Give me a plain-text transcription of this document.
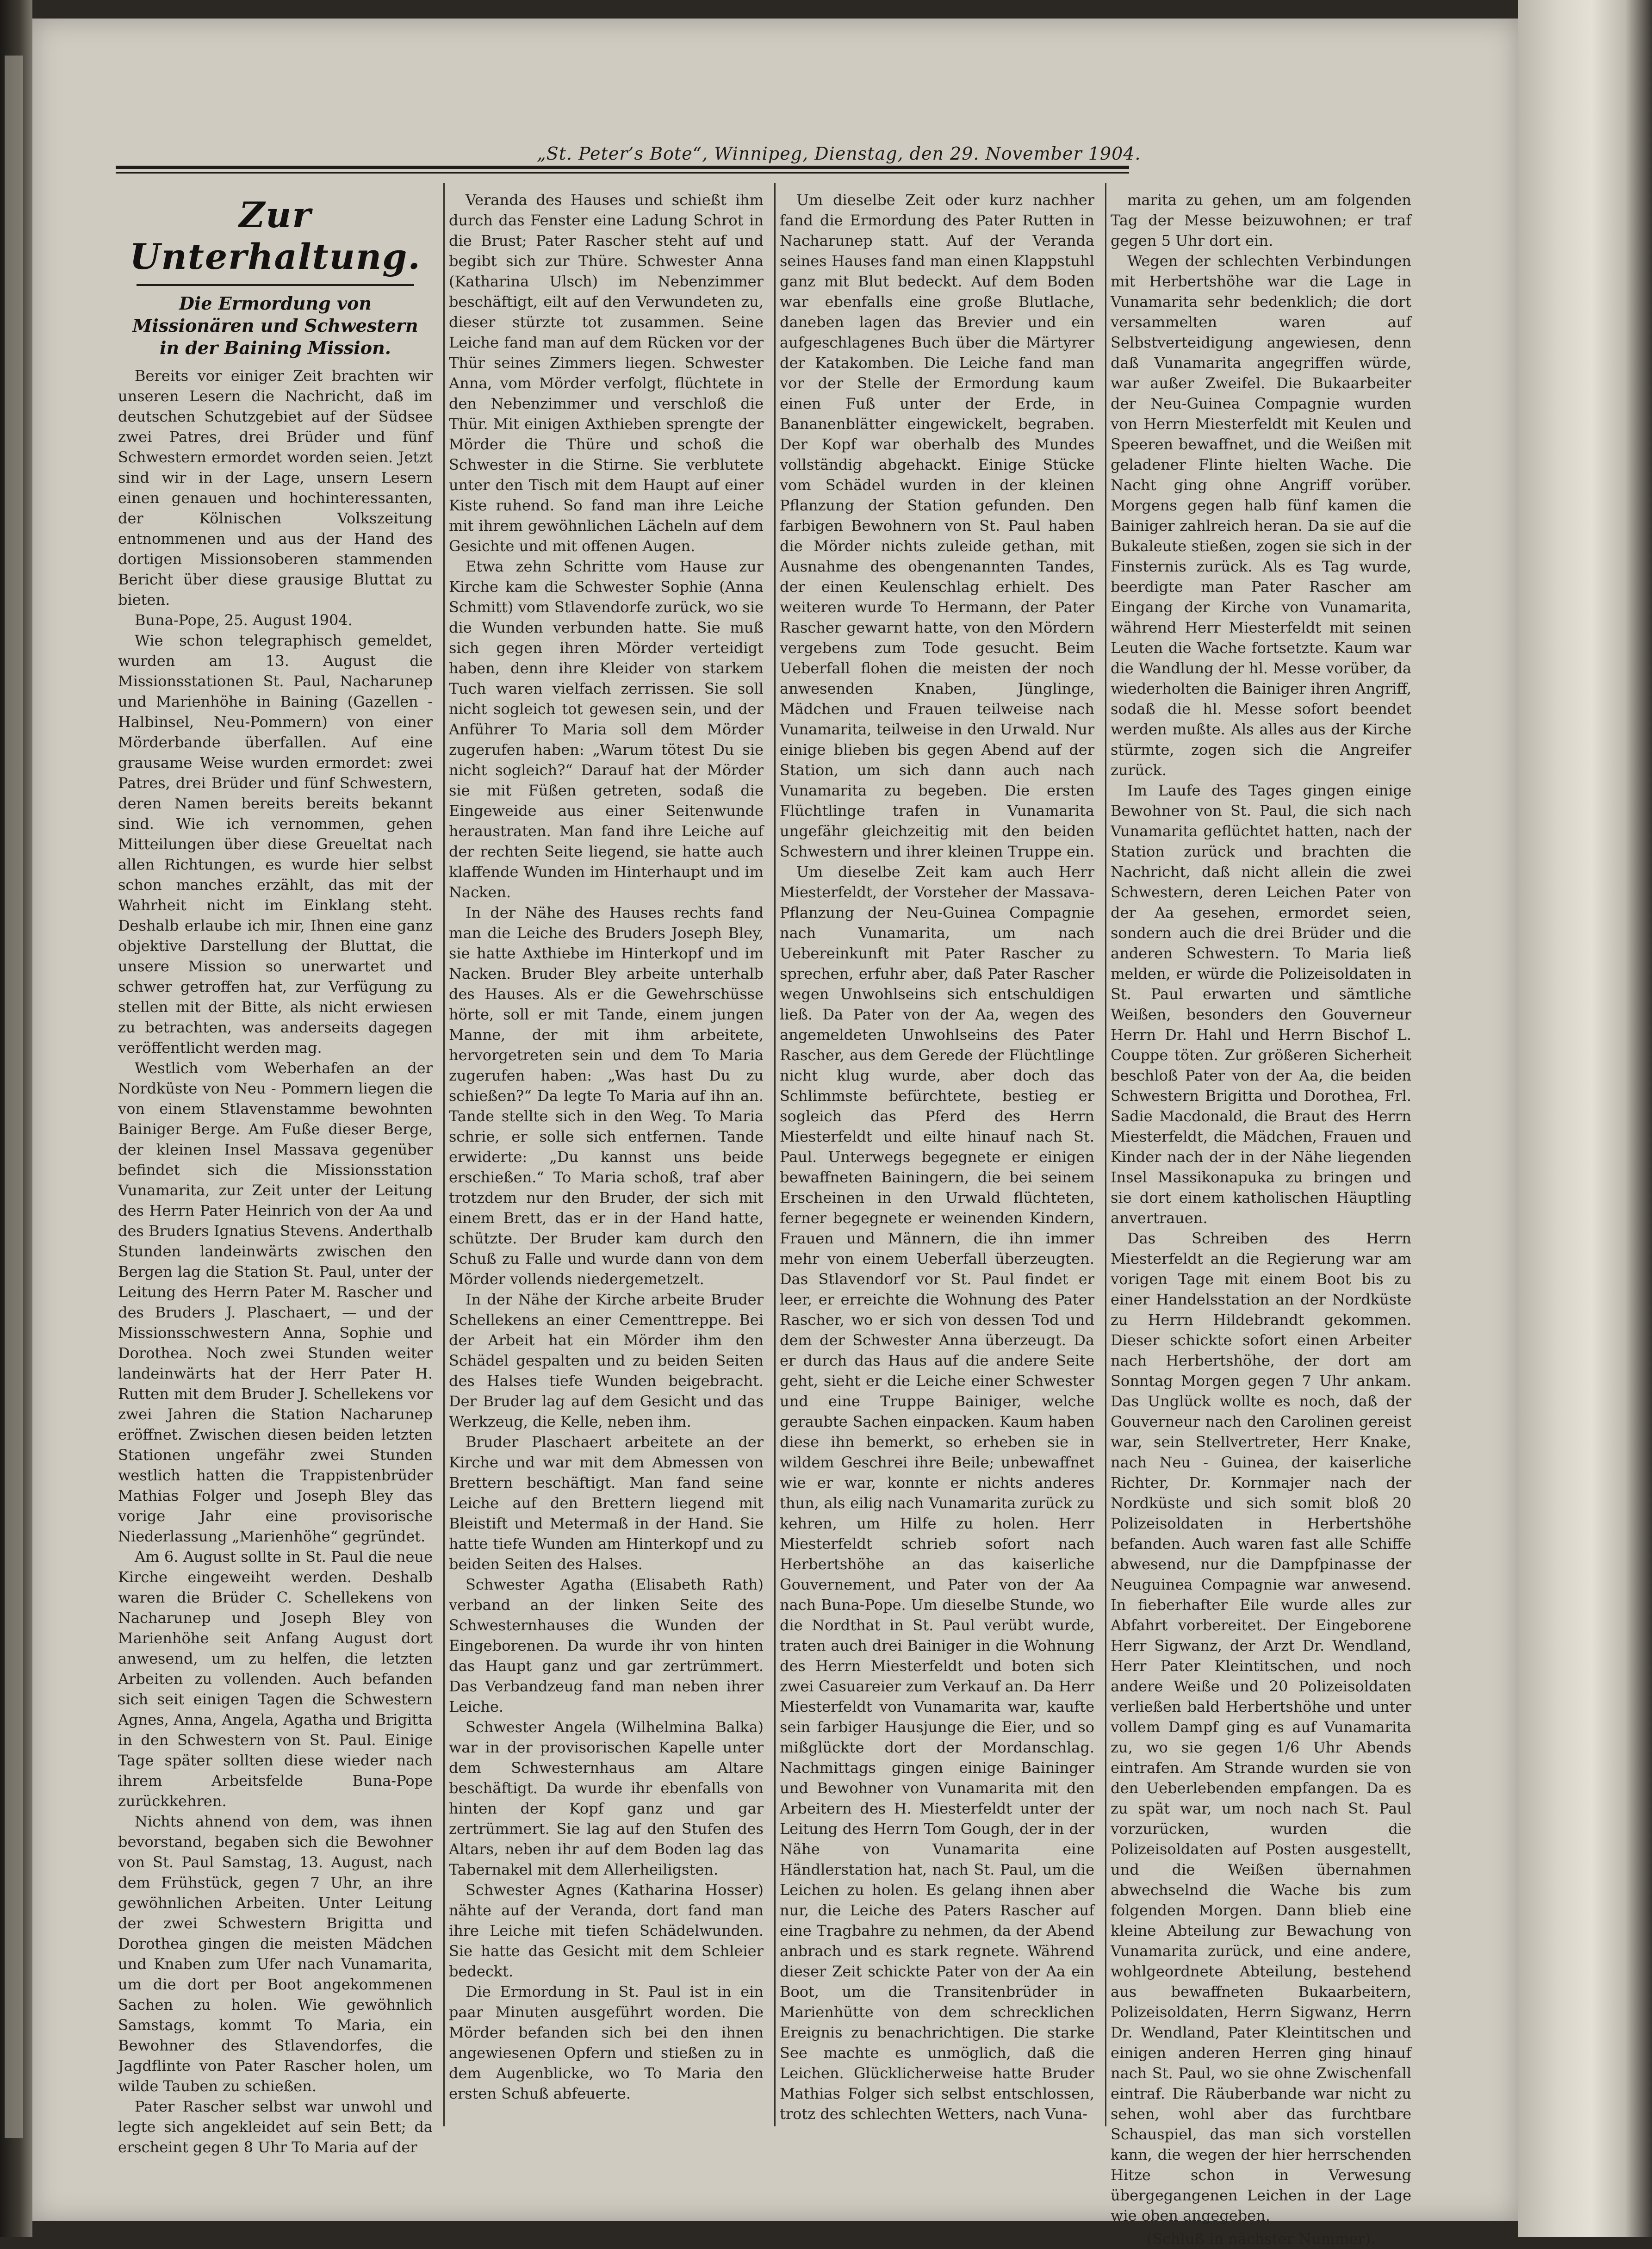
„St. Peter’s Bote“, Winnipeg, Dienstag, den 29. November 1904.
Zur Unterhaltung.
Die Ermordung von Missionären und Schwestern in der Baining Mission.

Bereits vor einiger Zeit brachten wir unseren Lesern die Nachricht, daß im deutschen Schutzgebiet auf der Südsee zwei Patres, drei Brüder und fünf Schwestern ermordet worden seien. Jetzt sind wir in der Lage, unsern Lesern einen genauen und hochinteressanten, der Kölnischen Volkszeitung entnommenen und aus der Hand des dortigen Missionsoberen stammenden Bericht über diese grausige Bluttat zu bieten.

Buna-Pope, 25. August 1904.

Wie schon telegraphisch gemeldet, wurden am 13. August die Missionsstationen St. Paul, Nacharunep und Marienhöhe in Baining (Gazellen - Halbinsel, Neu-Pommern) von einer Mörderbande überfallen. Auf eine grausame Weise wurden ermordet: zwei Patres, drei Brüder und fünf Schwestern, deren Namen bereits bereits bekannt sind. Wie ich vernommen, gehen Mitteilungen über diese Greueltat nach allen Richtungen, es wurde hier selbst schon manches erzählt, das mit der Wahrheit nicht im Einklang steht. Deshalb erlaube ich mir, Ihnen eine ganz objektive Darstellung der Bluttat, die unsere Mission so unerwartet und schwer getroffen hat, zur Verfügung zu stellen mit der Bitte, als nicht erwiesen zu betrachten, was anderseits dagegen veröffentlicht werden mag.

Westlich vom Weberhafen an der Nordküste von Neu - Pommern liegen die von einem Stlavenstamme bewohnten Bainiger Berge. Am Fuße dieser Berge, der kleinen Insel Massava gegenüber befindet sich die Missionsstation Vunamarita, zur Zeit unter der Leitung des Herrn Pater Heinrich von der Aa und des Bruders Ignatius Stevens. Anderthalb Stunden landeinwärts zwischen den Bergen lag die Station St. Paul, unter der Leitung des Herrn Pater M. Rascher und des Bruders J. Plaschaert, — und der Missionsschwestern Anna, Sophie und Dorothea. Noch zwei Stunden weiter landeinwärts hat der Herr Pater H. Rutten mit dem Bruder J. Schellekens vor zwei Jahren die Station Nacharunep eröffnet. Zwischen diesen beiden letzten Stationen ungefähr zwei Stunden westlich hatten die Trappistenbrüder Mathias Folger und Joseph Bley das vorige Jahr eine provisorische Niederlassung „Marienhöhe“ gegründet.

Am 6. August sollte in St. Paul die neue Kirche eingeweiht werden. Deshalb waren die Brüder C. Schellekens von Nacharunep und Joseph Bley von Marienhöhe seit Anfang August dort anwesend, um zu helfen, die letzten Arbeiten zu vollenden. Auch befanden sich seit einigen Tagen die Schwestern Agnes, Anna, Angela, Agatha und Brigitta in den Schwestern von St. Paul. Einige Tage später sollten diese wieder nach ihrem Arbeitsfelde Buna-Pope zurückkehren.

Nichts ahnend von dem, was ihnen bevorstand, begaben sich die Bewohner von St. Paul Samstag, 13. August, nach dem Frühstück, gegen 7 Uhr, an ihre gewöhnlichen Arbeiten. Unter Leitung der zwei Schwestern Brigitta und Dorothea gingen die meisten Mädchen und Knaben zum Ufer nach Vunamarita, um die dort per Boot angekommenen Sachen zu holen. Wie gewöhnlich Samstags, kommt To Maria, ein Bewohner des Stlavendorfes, die Jagdflinte von Pater Rascher holen, um wilde Tauben zu schießen.

Pater Rascher selbst war unwohl und legte sich angekleidet auf sein Bett; da erscheint gegen 8 Uhr To Maria auf der

Veranda des Hauses und schießt ihm durch das Fenster eine Ladung Schrot in die Brust; Pater Rascher steht auf und begibt sich zur Thüre. Schwester Anna (Katharina Ulsch) im Nebenzimmer beschäftigt, eilt auf den Verwundeten zu, dieser stürzte tot zusammen. Seine Leiche fand man auf dem Rücken vor der Thür seines Zimmers liegen. Schwester Anna, vom Mörder verfolgt, flüchtete in den Nebenzimmer und verschloß die Thür. Mit einigen Axthieben sprengte der Mörder die Thüre und schoß die Schwester in die Stirne. Sie verblutete unter den Tisch mit dem Haupt auf einer Kiste ruhend. So fand man ihre Leiche mit ihrem gewöhnlichen Lächeln auf dem Gesichte und mit offenen Augen.

Etwa zehn Schritte vom Hause zur Kirche kam die Schwester Sophie (Anna Schmitt) vom Stlavendorfe zurück, wo sie die Wunden verbunden hatte. Sie muß sich gegen ihren Mörder verteidigt haben, denn ihre Kleider von starkem Tuch waren vielfach zerrissen. Sie soll nicht sogleich tot gewesen sein, und der Anführer To Maria soll dem Mörder zugerufen haben: „Warum tötest Du sie nicht sogleich?“ Darauf hat der Mörder sie mit Füßen getreten, sodaß die Eingeweide aus einer Seitenwunde heraustraten. Man fand ihre Leiche auf der rechten Seite liegend, sie hatte auch klaffende Wunden im Hinterhaupt und im Nacken.

In der Nähe des Hauses rechts fand man die Leiche des Bruders Joseph Bley, sie hatte Axthiebe im Hinterkopf und im Nacken. Bruder Bley arbeite unterhalb des Hauses. Als er die Gewehrschüsse hörte, soll er mit Tande, einem jungen Manne, der mit ihm arbeitete, hervorgetreten sein und dem To Maria zugerufen haben: „Was hast Du zu schießen?“ Da legte To Maria auf ihn an. Tande stellte sich in den Weg. To Maria schrie, er solle sich entfernen. Tande erwiderte: „Du kannst uns beide erschießen.“ To Maria schoß, traf aber trotzdem nur den Bruder, der sich mit einem Brett, das er in der Hand hatte, schützte. Der Bruder kam durch den Schuß zu Falle und wurde dann von dem Mörder vollends niedergemetzelt.

In der Nähe der Kirche arbeite Bruder Schellekens an einer Cementtreppe. Bei der Arbeit hat ein Mörder ihm den Schädel gespalten und zu beiden Seiten des Halses tiefe Wunden beigebracht. Der Bruder lag auf dem Gesicht und das Werkzeug, die Kelle, neben ihm.

Bruder Plaschaert arbeitete an der Kirche und war mit dem Abmessen von Brettern beschäftigt. Man fand seine Leiche auf den Brettern liegend mit Bleistift und Metermaß in der Hand. Sie hatte tiefe Wunden am Hinterkopf und zu beiden Seiten des Halses.

Schwester Agatha (Elisabeth Rath) verband an der linken Seite des Schwesternhauses die Wunden der Eingeborenen. Da wurde ihr von hinten das Haupt ganz und gar zertrümmert. Das Verbandzeug fand man neben ihrer Leiche.

Schwester Angela (Wilhelmina Balka) war in der provisorischen Kapelle unter dem Schwesternhaus am Altare beschäftigt. Da wurde ihr ebenfalls von hinten der Kopf ganz und gar zertrümmert. Sie lag auf den Stufen des Altars, neben ihr auf dem Boden lag das Tabernakel mit dem Allerheiligsten.

Schwester Agnes (Katharina Hosser) nähte auf der Veranda, dort fand man ihre Leiche mit tiefen Schädelwunden. Sie hatte das Gesicht mit dem Schleier bedeckt.

Die Ermordung in St. Paul ist in ein paar Minuten ausgeführt worden. Die Mörder befanden sich bei den ihnen angewiesenen Opfern und stießen zu in dem Augenblicke, wo To Maria den ersten Schuß abfeuerte.

Um dieselbe Zeit oder kurz nachher fand die Ermordung des Pater Rutten in Nacharunep statt. Auf der Veranda seines Hauses fand man einen Klappstuhl ganz mit Blut bedeckt. Auf dem Boden war ebenfalls eine große Blutlache, daneben lagen das Brevier und ein aufgeschlagenes Buch über die Märtyrer der Katakomben. Die Leiche fand man vor der Stelle der Ermordung kaum einen Fuß unter der Erde, in Bananenblätter eingewickelt, begraben. Der Kopf war oberhalb des Mundes vollständig abgehackt. Einige Stücke vom Schädel wurden in der kleinen Pflanzung der Station gefunden. Den farbigen Bewohnern von St. Paul haben die Mörder nichts zuleide gethan, mit Ausnahme des obengenannten Tandes, der einen Keulenschlag erhielt. Des weiteren wurde To Hermann, der Pater Rascher gewarnt hatte, von den Mördern vergebens zum Tode gesucht. Beim Ueberfall flohen die meisten der noch anwesenden Knaben, Jünglinge, Mädchen und Frauen teilweise nach Vunamarita, teilweise in den Urwald. Nur einige blieben bis gegen Abend auf der Station, um sich dann auch nach Vunamarita zu begeben. Die ersten Flüchtlinge trafen in Vunamarita ungefähr gleichzeitig mit den beiden Schwestern und ihrer kleinen Truppe ein.

Um dieselbe Zeit kam auch Herr Miesterfeldt, der Vorsteher der Massava-Pflanzung der Neu-Guinea Compagnie nach Vunamarita, um nach Uebereinkunft mit Pater Rascher zu sprechen, erfuhr aber, daß Pater Rascher wegen Unwohlseins sich entschuldigen ließ. Da Pater von der Aa, wegen des angemeldeten Unwohlseins des Pater Rascher, aus dem Gerede der Flüchtlinge nicht klug wurde, aber doch das Schlimmste befürchtete, bestieg er sogleich das Pferd des Herrn Miesterfeldt und eilte hinauf nach St. Paul. Unterwegs begegnete er einigen bewaffneten Bainingern, die bei seinem Erscheinen in den Urwald flüchteten, ferner begegnete er weinenden Kindern, Frauen und Männern, die ihn immer mehr von einem Ueberfall überzeugten. Das Stlavendorf vor St. Paul findet er leer, er erreichte die Wohnung des Pater Rascher, wo er sich von dessen Tod und dem der Schwester Anna überzeugt. Da er durch das Haus auf die andere Seite geht, sieht er die Leiche einer Schwester und eine Truppe Bainiger, welche geraubte Sachen einpacken. Kaum haben diese ihn bemerkt, so erheben sie in wildem Geschrei ihre Beile; unbewaffnet wie er war, konnte er nichts anderes thun, als eilig nach Vunamarita zurück zu kehren, um Hilfe zu holen. Herr Miesterfeldt schrieb sofort nach Herbertshöhe an das kaiserliche Gouvernement, und Pater von der Aa nach Buna-Pope. Um dieselbe Stunde, wo die Nordthat in St. Paul verübt wurde, traten auch drei Bainiger in die Wohnung des Herrn Miesterfeldt und boten sich zwei Casuareier zum Verkauf an. Da Herr Miesterfeldt von Vunamarita war, kaufte sein farbiger Hausjunge die Eier, und so mißglückte dort der Mordanschlag. Nachmittags gingen einige Baininger und Bewohner von Vunamarita mit den Arbeitern des H. Miesterfeldt unter der Leitung des Herrn Tom Gough, der in der Nähe von Vunamarita eine Händlerstation hat, nach St. Paul, um die Leichen zu holen. Es gelang ihnen aber nur, die Leiche des Paters Rascher auf eine Tragbahre zu nehmen, da der Abend anbrach und es stark regnete. Während dieser Zeit schickte Pater von der Aa ein Boot, um die Transitenbrüder in Marienhütte von dem schrecklichen Ereignis zu benachrichtigen. Die starke See machte es unmöglich, daß die Leichen. Glücklicherweise hatte Bruder Mathias Folger sich selbst entschlossen, trotz des schlechten Wetters, nach Vuna-

marita zu gehen, um am folgenden Tag der Messe beizuwohnen; er traf gegen 5 Uhr dort ein.

Wegen der schlechten Verbindungen mit Herbertshöhe war die Lage in Vunamarita sehr bedenklich; die dort versammelten waren auf Selbstverteidigung angewiesen, denn daß Vunamarita angegriffen würde, war außer Zweifel. Die Bukaarbeiter der Neu-Guinea Compagnie wurden von Herrn Miesterfeldt mit Keulen und Speeren bewaffnet, und die Weißen mit geladener Flinte hielten Wache. Die Nacht ging ohne Angriff vorüber. Morgens gegen halb fünf kamen die Bainiger zahlreich heran. Da sie auf die Bukaleute stießen, zogen sie sich in der Finsternis zurück. Als es Tag wurde, beerdigte man Pater Rascher am Eingang der Kirche von Vunamarita, während Herr Miesterfeldt mit seinen Leuten die Wache fortsetzte. Kaum war die Wandlung der hl. Messe vorüber, da wiederholten die Bainiger ihren Angriff, sodaß die hl. Messe sofort beendet werden mußte. Als alles aus der Kirche stürmte, zogen sich die Angreifer zurück.

Im Laufe des Tages gingen einige Bewohner von St. Paul, die sich nach Vunamarita geflüchtet hatten, nach der Station zurück und brachten die Nachricht, daß nicht allein die zwei Schwestern, deren Leichen Pater von der Aa gesehen, ermordet seien, sondern auch die drei Brüder und die anderen Schwestern. To Maria ließ melden, er würde die Polizeisoldaten in St. Paul erwarten und sämtliche Weißen, besonders den Gouverneur Herrn Dr. Hahl und Herrn Bischof L. Couppe töten. Zur größeren Sicherheit beschloß Pater von der Aa, die beiden Schwestern Brigitta und Dorothea, Frl. Sadie Macdonald, die Braut des Herrn Miesterfeldt, die Mädchen, Frauen und Kinder nach der in der Nähe liegenden Insel Massikonapuka zu bringen und sie dort einem katholischen Häuptling anvertrauen.

Das Schreiben des Herrn Miesterfeldt an die Regierung war am vorigen Tage mit einem Boot bis zu einer Handelsstation an der Nordküste zu Herrn Hildebrandt gekommen. Dieser schickte sofort einen Arbeiter nach Herbertshöhe, der dort am Sonntag Morgen gegen 7 Uhr ankam. Das Unglück wollte es noch, daß der Gouverneur nach den Carolinen gereist war, sein Stellvertreter, Herr Knake, nach Neu - Guinea, der kaiserliche Richter, Dr. Kornmajer nach der Nordküste und sich somit bloß 20 Polizeisoldaten in Herbertshöhe befanden. Auch waren fast alle Schiffe abwesend, nur die Dampfpinasse der Neuguinea Compagnie war anwesend. In fieberhafter Eile wurde alles zur Abfahrt vorbereitet. Der Eingeborene Herr Sigwanz, der Arzt Dr. Wendland, Herr Pater Kleintitschen, und noch andere Weiße und 20 Polizeisoldaten verließen bald Herbertshöhe und unter vollem Dampf ging es auf Vunamarita zu, wo sie gegen 1/6 Uhr Abends eintrafen. Am Strande wurden sie von den Ueberlebenden empfangen. Da es zu spät war, um noch nach St. Paul vorzurücken, wurden die Polizeisoldaten auf Posten ausgestellt, und die Weißen übernahmen abwechselnd die Wache bis zum folgenden Morgen. Dann blieb eine kleine Abteilung zur Bewachung von Vunamarita zurück, und eine andere, wohlgeordnete Abteilung, bestehend aus bewaffneten Bukaarbeitern, Polizeisoldaten, Herrn Sigwanz, Herrn Dr. Wendland, Pater Kleintitschen und einigen anderen Herren ging hinauf nach St. Paul, wo sie ohne Zwischenfall eintraf. Die Räuberbande war nicht zu sehen, wohl aber das furchtbare Schauspiel, das man sich vorstellen kann, die wegen der hier herrschenden Hitze schon in Verwesung übergegangenen Leichen in der Lage wie oben angegeben.

(Schluß in nächster Nummer).
